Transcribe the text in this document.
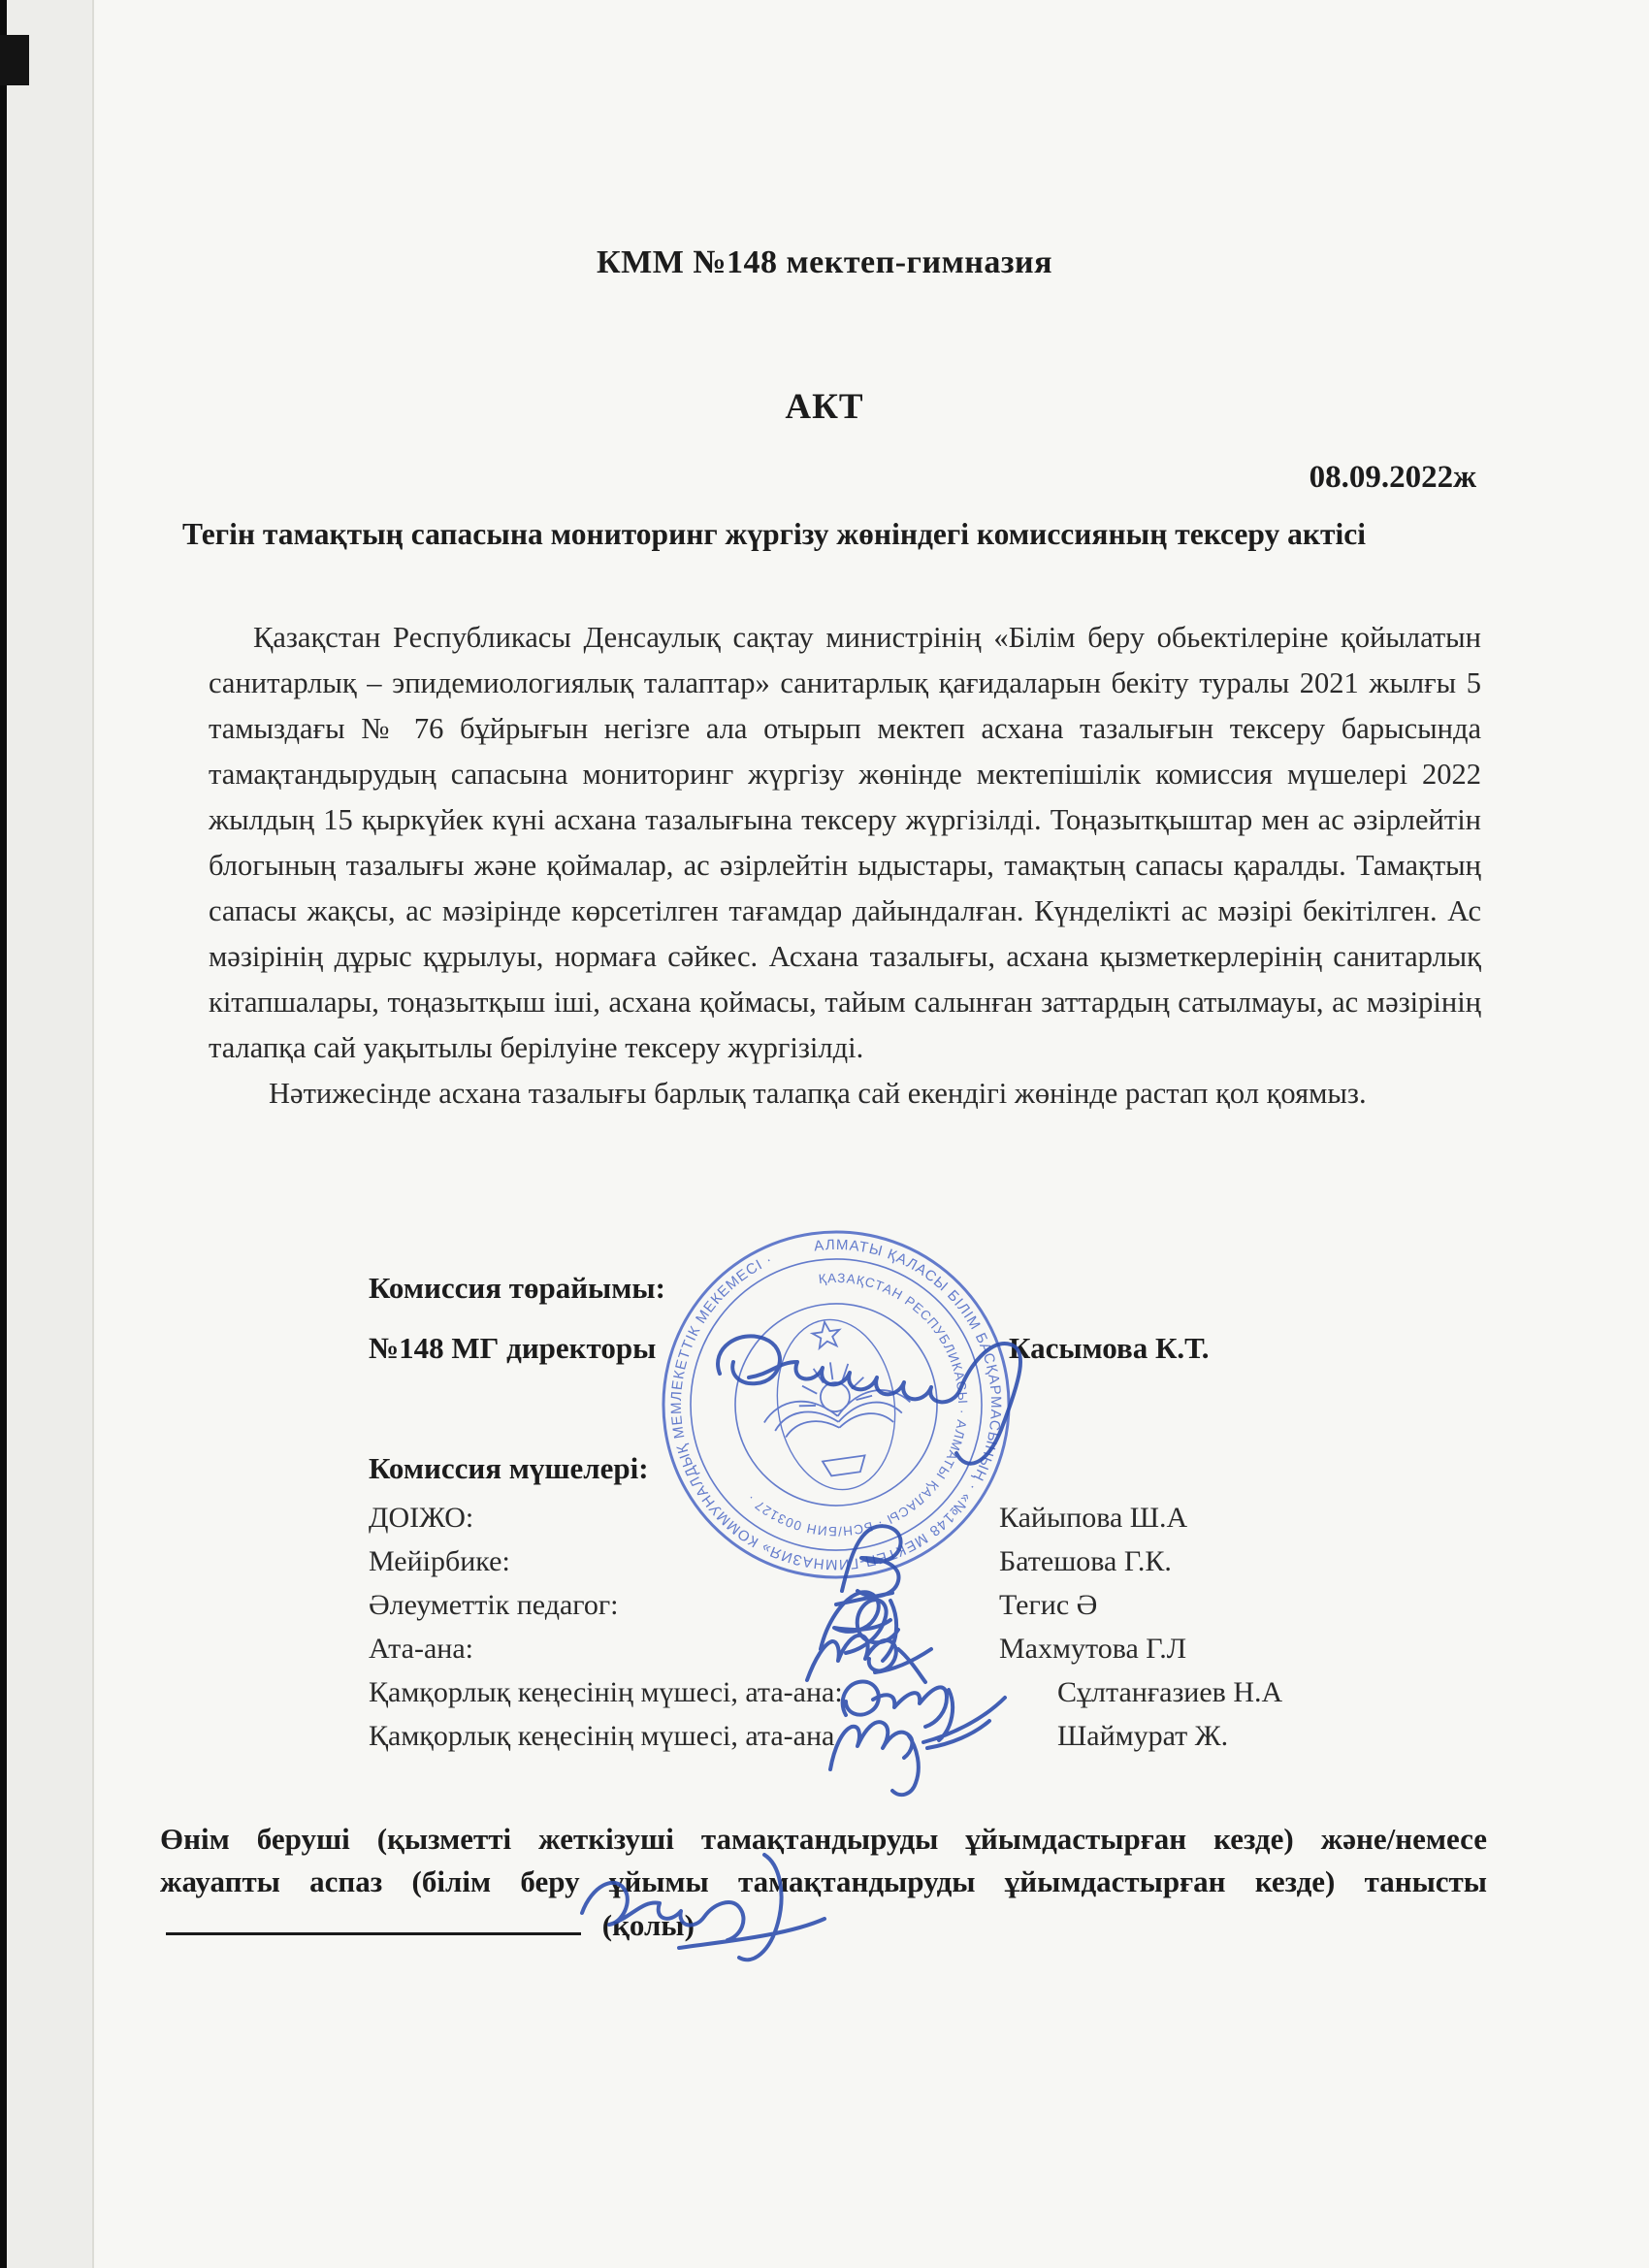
КММ №148 мектеп-гимназия
АКТ
08.09.2022ж
Тегін тамақтың сапасына мониторинг жүргізу жөніндегі комиссияның тексеру актісі

Қазақстан Республикасы Денсаулық сақтау министрінің «Білім беру обьектілеріне қойылатын санитарлық – эпидемиологиялық талаптар» санитарлық қағидаларын бекіту туралы 2021 жылғы 5 тамыздағы № 76 бұйрығын негізге ала отырып мектеп асхана тазалығын тексеру барысында тамақтандырудың сапасына мониторинг жүргізу жөнінде мектепішілік комиссия мүшелері 2022 жылдың 15 қыркүйек күні асхана тазалығына тексеру жүргізілді. Тоңазытқыштар мен ас әзірлейтін блогының тазалығы және қоймалар, ас әзірлейтін ыдыстары, тамақтың сапасы қаралды. Тамақтың сапасы жақсы, ас мәзірінде көрсетілген тағамдар дайындалған. Күнделікті ас мәзірі бекітілген. Ас мәзірінің дұрыс құрылуы, нормаға сәйкес. Асхана тазалығы, асхана қызметкерлерінің санитарлық кітапшалары, тоңазытқыш іші, асхана қоймасы, тайым салынған заттардың сатылмауы, ас мәзірінің талапқа сай уақытылы берілуіне тексеру жүргізілді.

Нәтижесінде асхана тазалығы барлық талапқа сай екендігі жөнінде растап қол қоямыз.

Комиссия төрайымы:
№148 МГ директоры	Касымова К.Т.
Комиссия мүшелері:
ДОІЖО:	Кайыпова Ш.А
Мейірбике:	Батешова Г.К.
Әлеуметтік педагог:	Тегис Ә
Ата-ана:	Махмутова Г.Л
Қамқорлық кеңесінің мүшесі, ата-ана:	Сұлтанғазиев Н.А
Қамқорлық кеңесінің мүшесі, ата-ана	Шаймурат Ж.
Өнім беруші (қызметті жеткізуші тамақтандыруды ұйымдастырған кезде) және/немесе жауапты аспаз (білім беру ұйымы тамақтандыруды ұйымдастырған кезде) танысты  (қолы)
АЛМАТЫ ҚАЛАСЫ БІЛІМ БАСҚАРМАСЫНЫҢ · «№148 МЕКТЕП-ГИМНАЗИЯ» КОММУНАЛДЫҚ МЕМЛЕКЕТТІК МЕКЕМЕСІ ·
ҚАЗАҚСТАН РЕСПУБЛИКАСЫ · АЛМАТЫ ҚАЛАСЫ · БСН/БИН 003127 ·
